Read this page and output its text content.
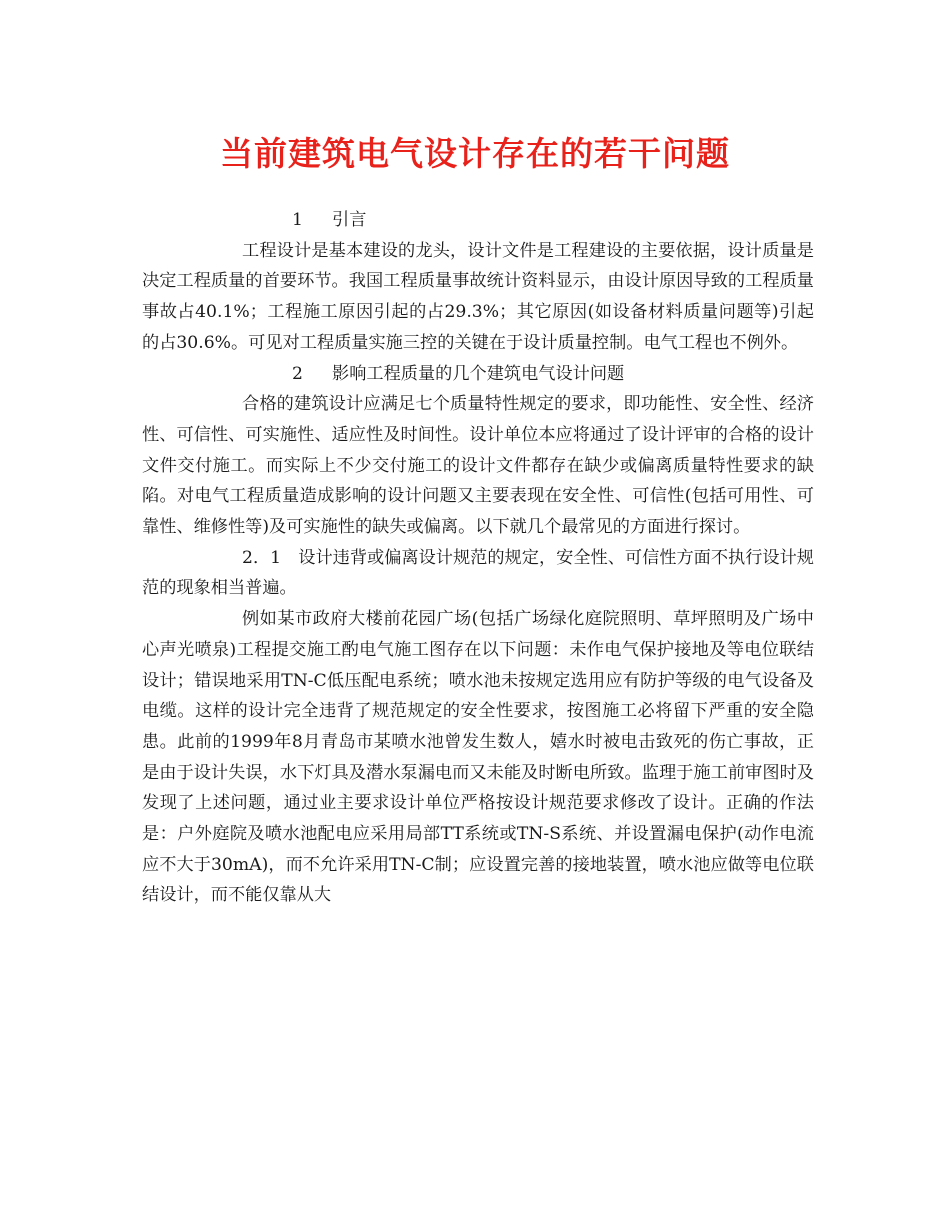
当前建筑电气设计存在的若干问题

1 引言

工程设计是基本建设的龙头，设计文件是工程建设的主要依据，设计质量是决定工程质量的首要环节。我国工程质量事故统计资料显示，由设计原因导致的工程质量事故占40.1%；工程施工原因引起的占29.3%；其它原因(如设备材料质量问题等)引起的占30.6%。可见对工程质量实施三控的关键在于设计质量控制。电气工程也不例外。

2 影响工程质量的几个建筑电气设计问题

合格的建筑设计应满足七个质量特性规定的要求，即功能性、安全性、经济性、可信性、可实施性、适应性及时间性。设计单位本应将通过了设计评审的合格的设计文件交付施工。而实际上不少交付施工的设计文件都存在缺少或偏离质量特性要求的缺陷。对电气工程质量造成影响的设计问题又主要表现在安全性、可信性(包括可用性、可靠性、维修性等)及可实施性的缺失或偏离。以下就几个最常见的方面进行探讨。

2．1　设计违背或偏离设计规范的规定，安全性、可信性方面不执行设计规范的现象相当普遍。

例如某市政府大楼前花园广场(包括广场绿化庭院照明、草坪照明及广场中心声光喷泉)工程提交施工酌电气施工图存在以下问题：未作电气保护接地及等电位联结设计；错误地采用TN-C低压配电系统；喷水池未按规定选用应有防护等级的电气设备及电缆。这样的设计完全违背了规范规定的安全性要求，按图施工必将留下严重的安全隐患。此前的1999年8月青岛市某喷水池曾发生数人，嬉水时被电击致死的伤亡事故，正是由于设计失误，水下灯具及潜水泵漏电而又未能及时断电所致。监理于施工前审图时及发现了上述问题，通过业主要求设计单位严格按设计规范要求修改了设计。正确的作法是：户外庭院及喷水池配电应采用局部TT系统或TN-S系统、并设置漏电保护(动作电流应不大于30mA)，而不允许采用TN-C制；应设置完善的接地装置，喷水池应做等电位联结设计，而不能仅靠从大
